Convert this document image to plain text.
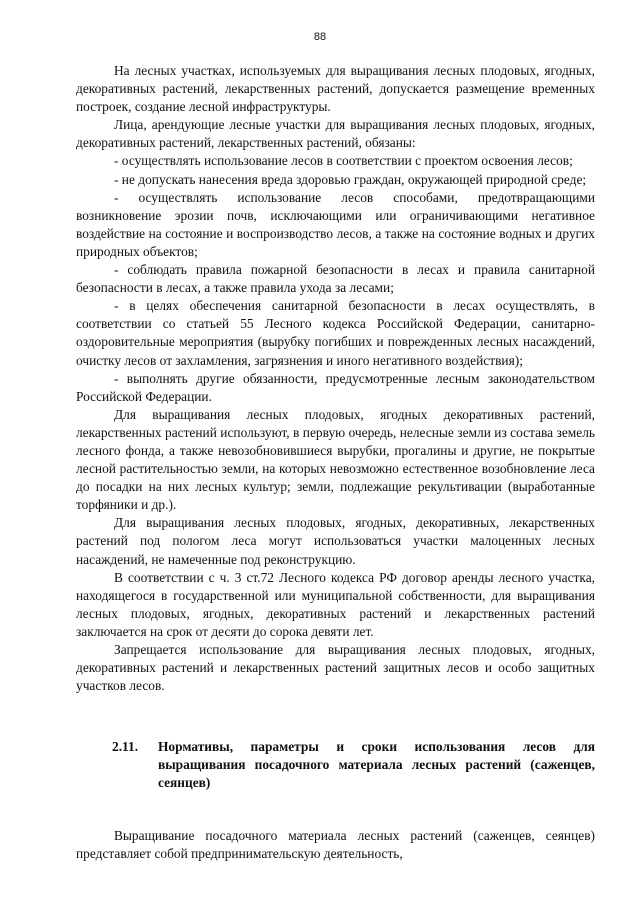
88

На лесных участках, используемых для выращивания лесных плодовых, ягодных, декоративных растений, лекарственных растений, допускается размещение временных построек, создание лесной инфраструктуры.

Лица, арендующие лесные участки для выращивания лесных плодовых, ягодных, декоративных растений, лекарственных растений, обязаны:

- осуществлять использование лесов в соответствии с проектом освоения лесов;

- не допускать нанесения вреда здоровью граждан, окружающей природной среде;

- осуществлять использование лесов способами, предотвращающими возникновение эрозии почв, исключающими или ограничивающими негативное воздействие на состояние и воспроизводство лесов, а также на состояние водных и других природных объектов;

- соблюдать правила пожарной безопасности в лесах и правила санитарной безопасности в лесах, а также правила ухода за лесами;

- в целях обеспечения санитарной безопасности в лесах осуществлять, в соответствии со статьей 55 Лесного кодекса Российской Федерации, санитарно-оздоровительные мероприятия (вырубку погибших и поврежденных лесных насаждений, очистку лесов от захламления, загрязнения и иного негативного воздействия);

- выполнять другие обязанности, предусмотренные лесным законодательством Российской Федерации.

Для выращивания лесных плодовых, ягодных декоративных растений, лекарственных растений используют, в первую очередь, нелесные земли из состава земель лесного фонда, а также невозобновившиеся вырубки, прогалины и другие, не покрытые лесной растительностью земли, на которых невозможно естественное возобновление леса до посадки на них лесных культур; земли, подлежащие рекультивации (выработанные торфяники и др.).

Для выращивания лесных плодовых, ягодных, декоративных, лекарственных растений под пологом леса могут использоваться участки малоценных лесных насаждений, не намеченные под реконструкцию.

В соответствии с ч. 3 ст.72 Лесного кодекса РФ договор аренды лесного участка, находящегося в государственной или муниципальной собственности, для выращивания лесных плодовых, ягодных, декоративных растений и лекарственных растений заключается на срок от десяти до сорока девяти лет.

Запрещается использование для выращивания лесных плодовых, ягодных, декоративных растений и лекарственных растений защитных лесов и особо защитных участков лесов.

2.11.	Нормативы, параметры и сроки использования лесов для выращивания посадочного материала лесных растений (саженцев, сеянцев)

Выращивание посадочного материала лесных растений (саженцев, сеянцев) представляет собой предпринимательскую деятельность,
